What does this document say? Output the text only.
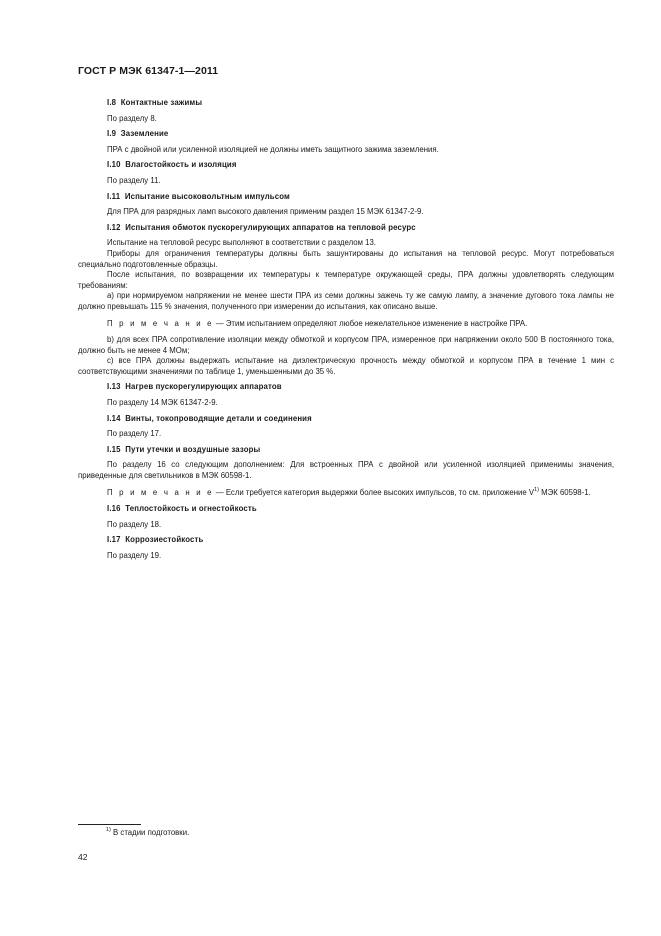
ГОСТ Р МЭК 61347-1—2011
I.8 Контактные зажимы

По разделу 8.

I.9 Заземление

ПРА с двойной или усиленной изоляцией не должны иметь защитного зажима заземления.

I.10 Влагостойкость и изоляция

По разделу 11.

I.11 Испытание высоковольтным импульсом

Для ПРА для разрядных ламп высокого давления применим раздел 15 МЭК 61347-2-9.

I.12 Испытания обмоток пускорегулирующих аппаратов на тепловой ресурс

Испытание на тепловой ресурс выполняют в соответствии с разделом 13.

Приборы для ограничения температуры должны быть зашунтированы до испытания на тепловой ресурс. Могут потребоваться специально подготовленные образцы.

После испытания, по возвращении их температуры к температуре окружающей среды, ПРА должны удовлетворять следующим требованиям:

a) при нормируемом напряжении не менее шести ПРА из семи должны зажечь ту же самую лампу, а значение дугового тока лампы не должно превышать 115 % значения, полученного при измерении до испытания, как описано выше.

П р и м е ч а н и е — Этим испытанием определяют любое нежелательное изменение в настройке ПРА.

b) для всех ПРА сопротивление изоляции между обмоткой и корпусом ПРА, измеренное при напряжении около 500 В постоянного тока, должно быть не менее 4 МОм;

c) все ПРА должны выдержать испытание на диэлектрическую прочность между обмоткой и корпусом ПРА в течение 1 мин с соответствующими значениями по таблице 1, уменьшенными до 35 %.

I.13 Нагрев пускорегулирующих аппаратов

По разделу 14 МЭК 61347-2-9.

I.14 Винты, токопроводящие детали и соединения

По разделу 17.

I.15 Пути утечки и воздушные зазоры

По разделу 16 со следующим дополнением: Для встроенных ПРА с двойной или усиленной изоляцией применимы значения, приведенные для светильников в МЭК 60598-1.

П р и м е ч а н и е — Если требуется категория выдержки более высоких импульсов, то см. приложение $V^{1)}$ МЭК 60598-1.

I.16 Теплостойкость и огнестойкость

По разделу 18.

I.17 Коррозиестойкость

По разделу 19.

$^{1)}$ В стадии подготовки.
42
